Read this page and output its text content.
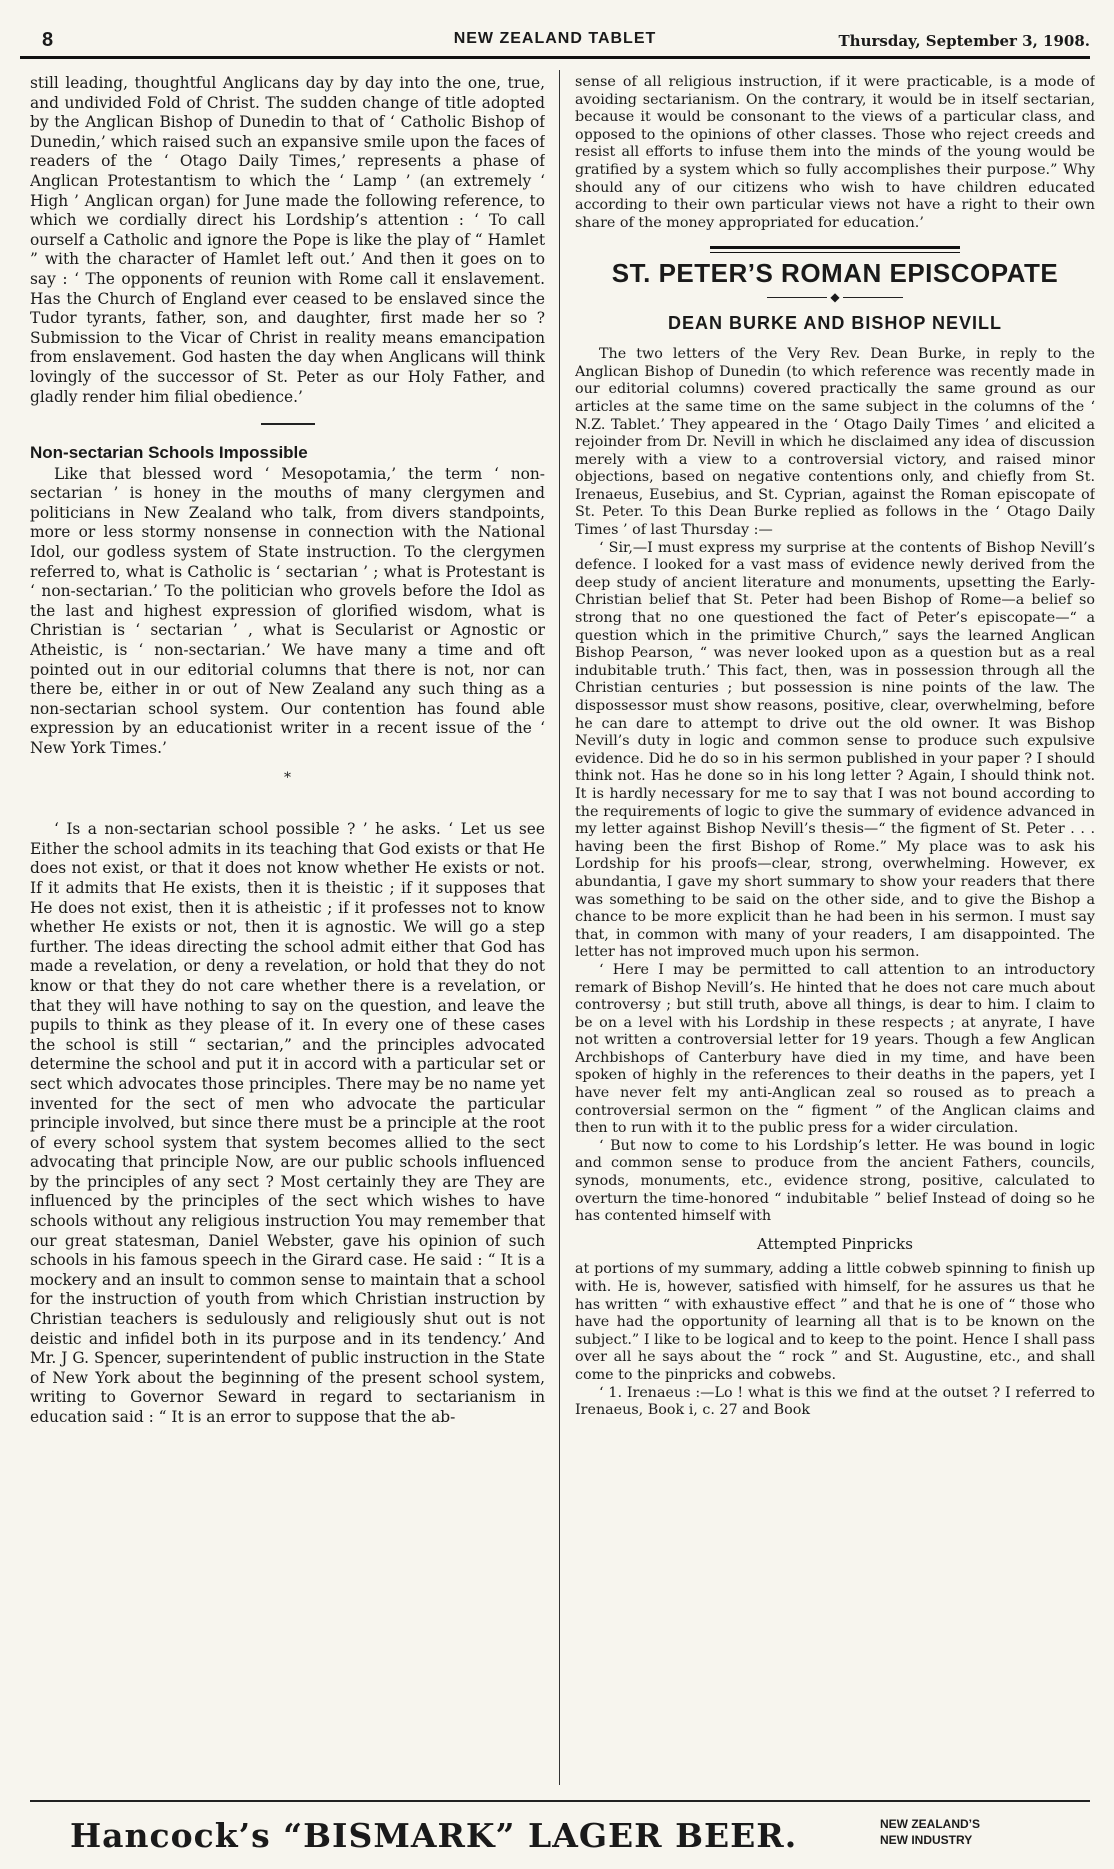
8	NEW ZEALAND TABLET	Thursday, September 3, 1908.

still leading, thoughtful Anglicans day by day into the one, true, and undivided Fold of Christ. The sudden change of title adopted by the Anglican Bishop of Dunedin to that of ‘ Catholic Bishop of Dunedin,’ which raised such an expansive smile upon the faces of readers of the ‘ Otago Daily Times,’ represents a phase of Anglican Protestantism to which the ‘ Lamp ’ (an extremely ‘ High ’ Anglican organ) for June made the following reference, to which we cordially direct his Lordship’s attention : ‘ To call ourself a Catholic and ignore the Pope is like the play of “ Hamlet ” with the character of Hamlet left out.’ And then it goes on to say : ‘ The opponents of reunion with Rome call it enslavement. Has the Church of England ever ceased to be enslaved since the Tudor tyrants, father, son, and daughter, first made her so ? Submission to the Vicar of Christ in reality means emancipation from enslavement. God hasten the day when Anglicans will think lovingly of the successor of St. Peter as our Holy Father, and gladly render him filial obedience.’

Non-sectarian Schools Impossible

Like that blessed word ‘ Mesopotamia,’ the term ‘ non-sectarian ’ is honey in the mouths of many clergymen and politicians in New Zealand who talk, from divers standpoints, more or less stormy nonsense in connection with the National Idol, our godless system of State instruction. To the clergymen referred to, what is Catholic is ‘ sectarian ’ ; what is Protestant is ‘ non-sectarian.’ To the politician who grovels before the Idol as the last and highest expression of glorified wisdom, what is Christian is ‘ sectarian ’ , what is Secularist or Agnostic or Atheistic, is ‘ non-sectarian.’ We have many a time and oft pointed out in our editorial columns that there is not, nor can there be, either in or out of New Zealand any such thing as a non-sectarian school system. Our contention has found able expression by an educationist writer in a recent issue of the ‘ New York Times.’

*

‘ Is a non-sectarian school possible ? ’ he asks. ‘ Let us see Either the school admits in its teaching that God exists or that He does not exist, or that it does not know whether He exists or not. If it admits that He exists, then it is theistic ; if it supposes that He does not exist, then it is atheistic ; if it professes not to know whether He exists or not, then it is agnostic. We will go a step further. The ideas directing the school admit either that God has made a revelation, or deny a revelation, or hold that they do not know or that they do not care whether there is a revelation, or that they will have nothing to say on the question, and leave the pupils to think as they please of it. In every one of these cases the school is still “ sectarian,” and the principles advocated determine the school and put it in accord with a particular set or sect which advocates those principles. There may be no name yet invented for the sect of men who advocate the particular principle involved, but since there must be a principle at the root of every school system that system becomes allied to the sect advocating that principle Now, are our public schools influenced by the principles of any sect ? Most certainly they are They are influenced by the principles of the sect which wishes to have schools without any religious instruction You may remember that our great statesman, Daniel Webster, gave his opinion of such schools in his famous speech in the Girard case. He said : “ It is a mockery and an insult to common sense to maintain that a school for the instruction of youth from which Christian instruction by Christian teachers is sedulously and religiously shut out is not deistic and infidel both in its purpose and in its tendency.’ And Mr. J G. Spencer, superintendent of public instruction in the State of New York about the beginning of the present school system, writing to Governor Seward in regard to sectarianism in education said : “ It is an error to suppose that the ab-

sense of all religious instruction, if it were practicable, is a mode of avoiding sectarianism. On the contrary, it would be in itself sectarian, because it would be consonant to the views of a particular class, and opposed to the opinions of other classes. Those who reject creeds and resist all efforts to infuse them into the minds of the young would be gratified by a system which so fully accomplishes their purpose.” Why should any of our citizens who wish to have children educated according to their own particular views not have a right to their own share of the money appropriated for education.’

ST. PETER’S ROMAN EPISCOPATE
◆
DEAN BURKE AND BISHOP NEVILL

The two letters of the Very Rev. Dean Burke, in reply to the Anglican Bishop of Dunedin (to which reference was recently made in our editorial columns) covered practically the same ground as our articles at the same time on the same subject in the columns of the ‘ N.Z. Tablet.’ They appeared in the ‘ Otago Daily Times ’ and elicited a rejoinder from Dr. Nevill in which he disclaimed any idea of discussion merely with a view to a controversial victory, and raised minor objections, based on negative contentions only, and chiefly from St. Irenaeus, Eusebius, and St. Cyprian, against the Roman episcopate of St. Peter. To this Dean Burke replied as follows in the ‘ Otago Daily Times ’ of last Thursday :—

‘ Sir,—I must express my surprise at the contents of Bishop Nevill’s defence. I looked for a vast mass of evidence newly derived from the deep study of ancient literature and monuments, upsetting the Early-Christian belief that St. Peter had been Bishop of Rome—a belief so strong that no one questioned the fact of Peter’s episcopate—“ a question which in the primitive Church,” says the learned Anglican Bishop Pearson, “ was never looked upon as a question but as a real indubitable truth.’ This fact, then, was in possession through all the Christian centuries ; but possession is nine points of the law. The dispossessor must show reasons, positive, clear, overwhelming, before he can dare to attempt to drive out the old owner. It was Bishop Nevill’s duty in logic and common sense to produce such expulsive evidence. Did he do so in his sermon published in your paper ? I should think not. Has he done so in his long letter ? Again, I should think not. It is hardly necessary for me to say that I was not bound according to the requirements of logic to give the summary of evidence advanced in my letter against Bishop Nevill’s thesis—“ the figment of St. Peter . . . having been the first Bishop of Rome.” My place was to ask his Lordship for his proofs—clear, strong, overwhelming. However, ex abundantia, I gave my short summary to show your readers that there was something to be said on the other side, and to give the Bishop a chance to be more explicit than he had been in his sermon. I must say that, in common with many of your readers, I am disappointed. The letter has not improved much upon his sermon.

‘ Here I may be permitted to call attention to an introductory remark of Bishop Nevill’s. He hinted that he does not care much about controversy ; but still truth, above all things, is dear to him. I claim to be on a level with his Lordship in these respects ; at anyrate, I have not written a controversial letter for 19 years. Though a few Anglican Archbishops of Canterbury have died in my time, and have been spoken of highly in the references to their deaths in the papers, yet I have never felt my anti-Anglican zeal so roused as to preach a controversial sermon on the “ figment ” of the Anglican claims and then to run with it to the public press for a wider circulation.

‘ But now to come to his Lordship’s letter. He was bound in logic and common sense to produce from the ancient Fathers, councils, synods, monuments, etc., evidence strong, positive, calculated to overturn the time-honored “ indubitable ” belief Instead of doing so he has contented himself with

Attempted Pinpricks

at portions of my summary, adding a little cobweb spinning to finish up with. He is, however, satisfied with himself, for he assures us that he has written “ with exhaustive effect ” and that he is one of “ those who have had the opportunity of learning all that is to be known on the subject.” I like to be logical and to keep to the point. Hence I shall pass over all he says about the “ rock ” and St. Augustine, etc., and shall come to the pinpricks and cobwebs.

‘ 1. Irenaeus :—Lo ! what is this we find at the outset ? I referred to Irenaeus, Book i, c. 27 and Book

Hancock’s “BISMARK” LAGER BEER.	NEW ZEALAND’S
NEW INDUSTRY
